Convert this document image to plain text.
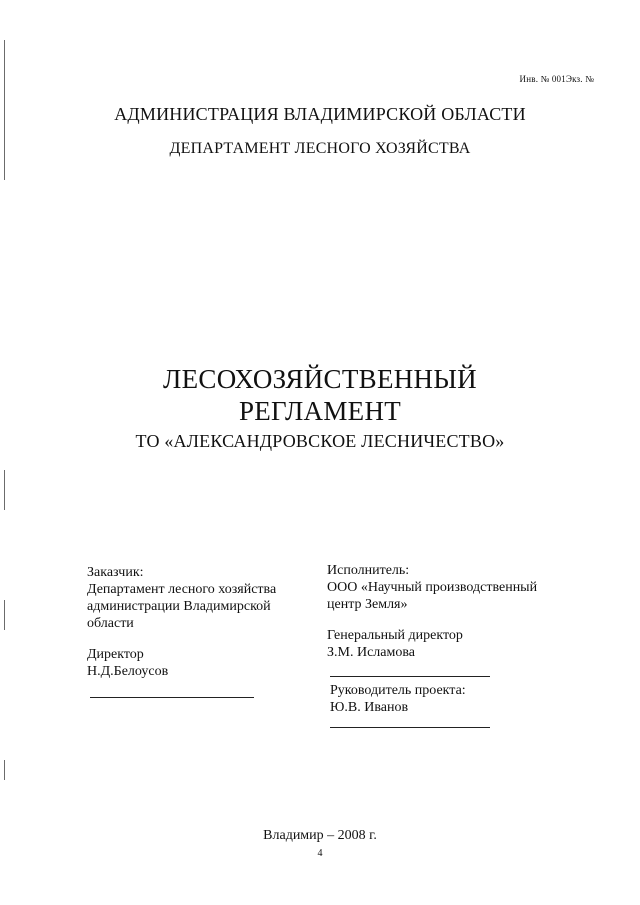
Инв. № 001Экз. №
АДМИНИСТРАЦИЯ ВЛАДИМИРСКОЙ ОБЛАСТИ
ДЕПАРТАМЕНТ ЛЕСНОГО ХОЗЯЙСТВА
ЛЕСОХОЗЯЙСТВЕННЫЙ
РЕГЛАМЕНТ
ТО «АЛЕКСАНДРОВСКОЕ ЛЕСНИЧЕСТВО»
Заказчик:
Департамент лесного хозяйства
администрации Владимирской
области
Директор
Н.Д.Белоусов
Исполнитель:
ООО «Научный производственный
центр Земля»
Генеральный директор
З.М. Исламова
Руководитель проекта:
Ю.В. Иванов
Владимир – 2008 г.
4
